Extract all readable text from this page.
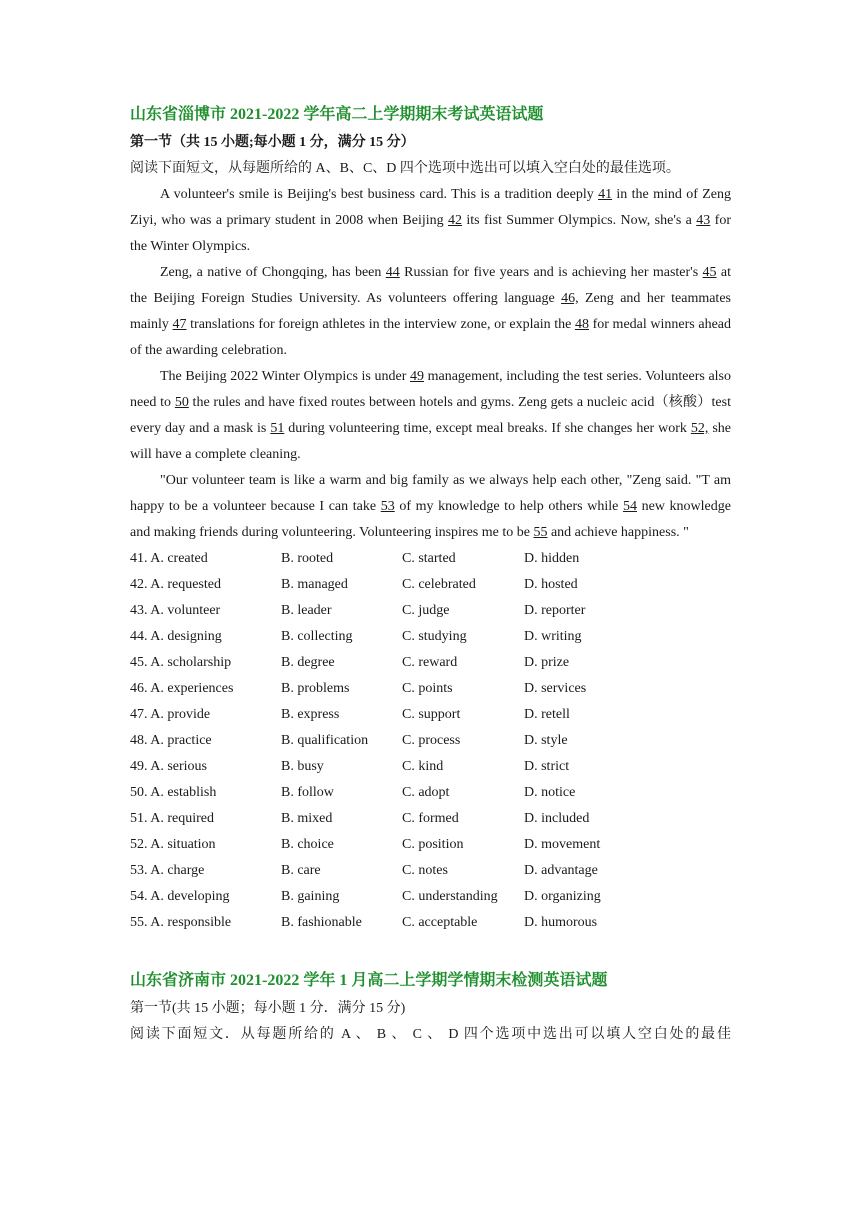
山东省淄博市 2021-2022 学年高二上学期期末考试英语试题

第一节（共 15 小题;每小题 1 分，满分 15 分）

阅读下面短文，从每题所给的 A、B、C、D 四个选项中选出可以填入空白处的最佳选项。

A volunteer's smile is Beijing's best business card. This is a tradition deeply 41 in the mind of Zeng Ziyi, who was a primary student in 2008 when Beijing 42 its fist Summer Olympics. Now, she's a 43 for the Winter Olympics.

Zeng, a native of Chongqing, has been 44 Russian for five years and is achieving her master's 45 at the Beijing Foreign Studies University. As volunteers offering language 46, Zeng and her teammates mainly 47 translations for foreign athletes in the interview zone, or explain the 48 for medal winners ahead of the awarding celebration.

The Beijing 2022 Winter Olympics is under 49 management, including the test series. Volunteers also need to 50 the rules and have fixed routes between hotels and gyms. Zeng gets a nucleic acid（核酸）test every day and a mask is 51 during volunteering time, except meal breaks. If she changes her work 52, she will have a complete cleaning.

"Our volunteer team is like a warm and big family as we always help each other, "Zeng said. "T am happy to be a volunteer because I can take 53 of my knowledge to help others while 54 new knowledge and making friends during volunteering. Volunteering inspires me to be 55 and achieve happiness. "

41. A. created	B. rooted	C. started	D. hidden
42. A. requested	B. managed	C. celebrated	D. hosted
43. A. volunteer	B. leader	C. judge	D. reporter
44. A. designing	B. collecting	C. studying	D. writing
45. A. scholarship	B. degree	C. reward	D. prize
46. A. experiences	B. problems	C. points	D. services
47. A. provide	B. express	C. support	D. retell
48. A. practice	B. qualification	C. process	D. style
49. A. serious	B. busy	C. kind	D. strict
50. A. establish	B. follow	C. adopt	D. notice
51. A. required	B. mixed	C. formed	D. included
52. A. situation	B. choice	C. position	D. movement
53. A. charge	B. care	C. notes	D. advantage
54. A. developing	B. gaining	C. understanding	D. organizing
55. A. responsible	B. fashionable	C. acceptable	D. humorous

山东省济南市 2021-2022 学年 1 月高二上学期学情期末检测英语试题

第一节(共 15 小题；每小题 1 分．满分 15 分)

阅读下面短文．从每题所给的 A 、 B 、 C 、 D 四个选项中选出可以填人空白处的最佳
